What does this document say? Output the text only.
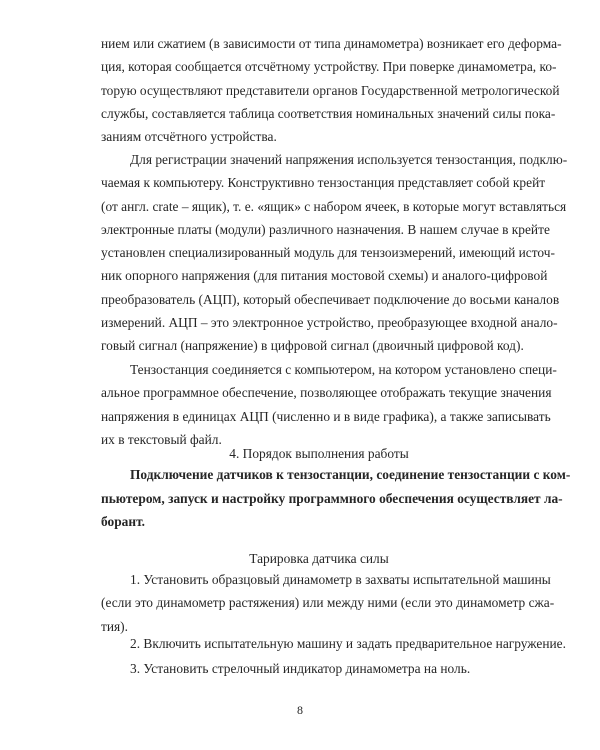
нием или сжатием (в зависимости от типа динамометра) возникает его деформа-
ция, которая сообщается отсчётному устройству. При поверке динамометра, ко-
торую осуществляют представители органов Государственной метрологической
службы, составляется таблица соответствия номинальных значений силы пока-
заниям отсчётного устройства.
Для регистрации значений напряжения используется тензостанция, подклю-
чаемая к компьютеру. Конструктивно тензостанция представляет собой крейт
(от англ. crate – ящик), т. е. «ящик» с набором ячеек, в которые могут вставляться
электронные платы (модули) различного назначения. В нашем случае в крейте
установлен специализированный модуль для тензоизмерений, имеющий источ-
ник опорного напряжения (для питания мостовой схемы) и аналого-цифровой
преобразователь (АЦП), который обеспечивает подключение до восьми каналов
измерений. АЦП – это электронное устройство, преобразующее входной анало-
говый сигнал (напряжение) в цифровой сигнал (двоичный цифровой код).
Тензостанция соединяется с компьютером, на котором установлено специ-
альное программное обеспечение, позволяющее отображать текущие значения
напряжения в единицах АЦП (численно и в виде графика), а также записывать
их в текстовый файл.
4. Порядок выполнения работы
Подключение датчиков к тензостанции, соединение тензостанции с ком-
пьютером, запуск и настройку программного обеспечения осуществляет ла-
борант.
Тарировка датчика силы
1. Установить образцовый динамометр в захваты испытательной машины
(если это динамометр растяжения) или между ними (если это динамометр сжа-
тия).
2. Включить испытательную машину и задать предварительное нагружение.
3. Установить стрелочный индикатор динамометра на ноль.
8
